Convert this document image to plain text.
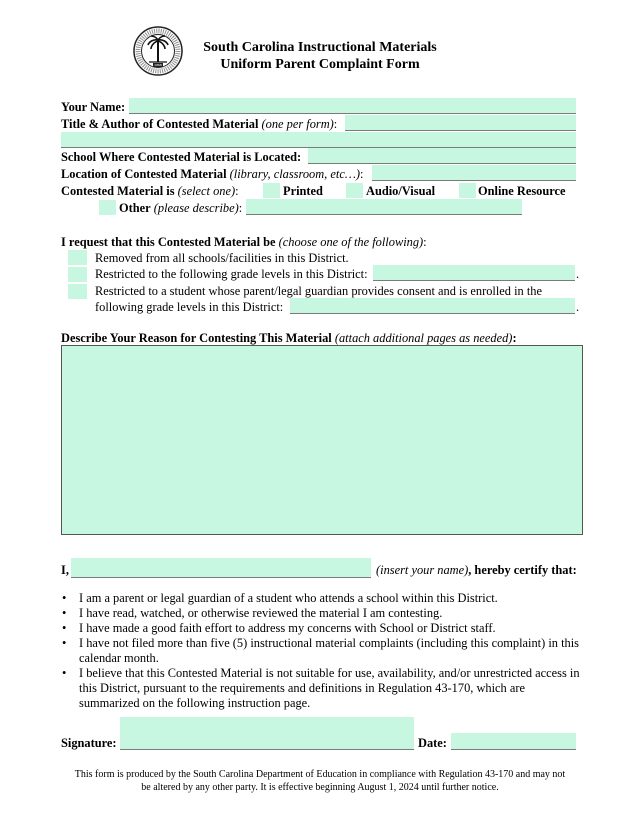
1868
South Carolina Instructional Materials
Uniform Parent Complaint Form
Your Name:
Title & Author of Contested Material (one per form):
School Where Contested Material is Located:
Location of Contested Material (library, classroom, etc…):
Contested Material is (select one):	Printed	Audio/Visual	Online Resource
Other (please describe):
I request that this Contested Material be (choose one of the following):
Removed from all schools/facilities in this District.
Restricted to the following grade levels in this District:	.
Restricted to a student whose parent/legal guardian provides consent and is enrolled in the
following grade levels in this District:	.
Describe Your Reason for Contesting This Material (attach additional pages as needed):
I,	(insert your name), hereby certify that:
• I am a parent or legal guardian of a student who attends a school within this District.
• I have read, watched, or otherwise reviewed the material I am contesting.
• I have made a good faith effort to address my concerns with School or District staff.
• I have not filed more than five (5) instructional material complaints (including this complaint) in this calendar month.
• I believe that this Contested Material is not suitable for use, availability, and/or unrestricted access in this District, pursuant to the requirements and definitions in Regulation 43-170, which are summarized on the following instruction page.
Signature:	Date:
This form is produced by the South Carolina Department of Education in compliance with Regulation 43-170 and may not
be altered by any other party. It is effective beginning August 1, 2024 until further notice.
